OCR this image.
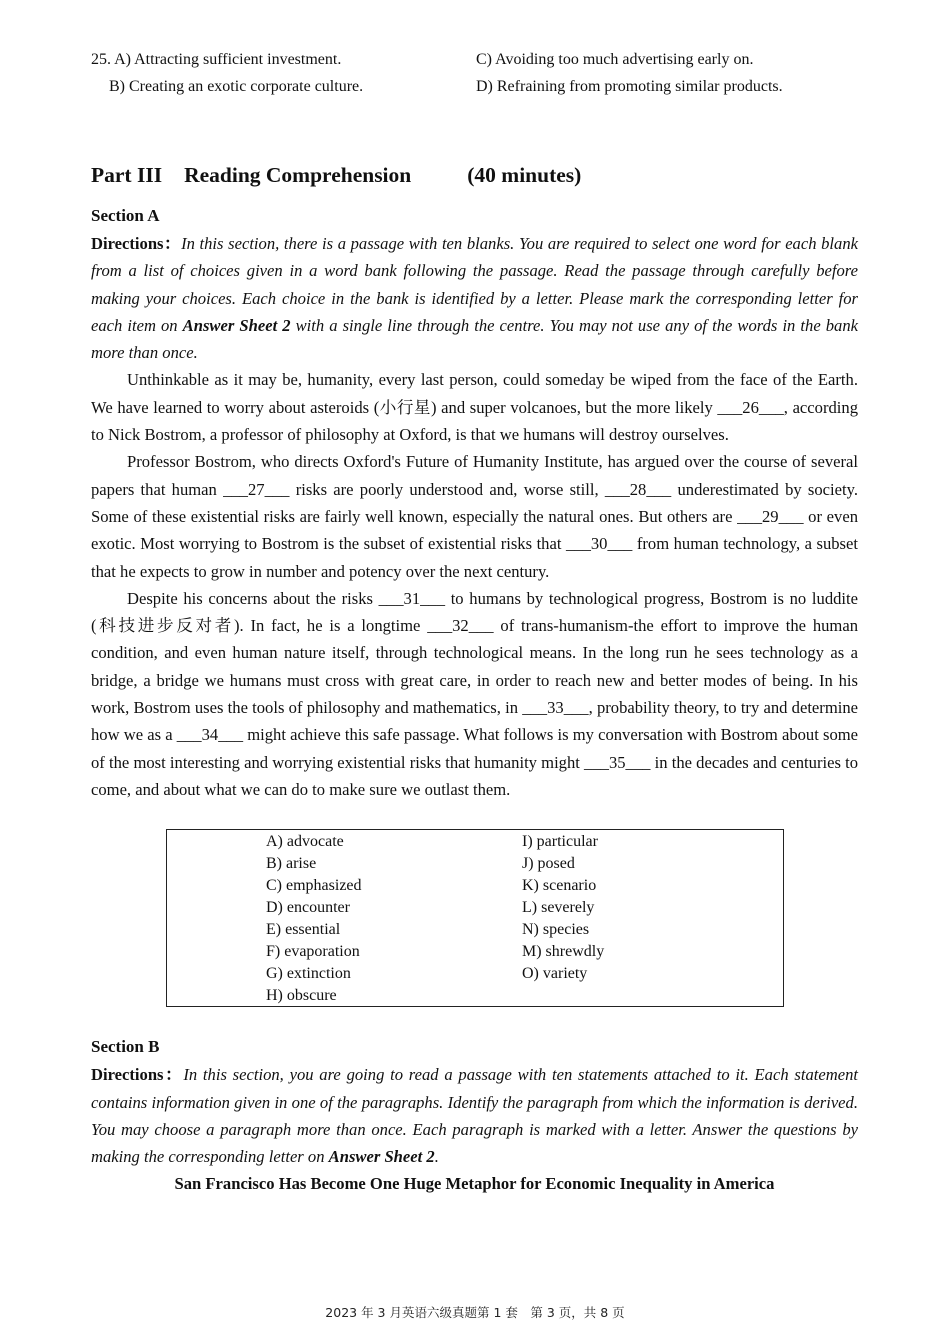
25. A) Attracting sufficient investment.
B) Creating an exotic corporate culture.
C) Avoiding too much advertising early on.
D) Refraining from promoting similar products.
Part III Reading Comprehension	(40 minutes)
Section A

Directions：In this section, there is a passage with ten blanks. You are required to select one word for each blank from a list of choices given in a word bank following the passage. Read the passage through carefully before making your choices. Each choice in the bank is identified by a letter. Please mark the corresponding letter for each item on Answer Sheet 2 with a single line through the centre. You may not use any of the words in the bank more than once.

Unthinkable as it may be, humanity, every last person, could someday be wiped from the face of the Earth. We have learned to worry about asteroids (小行星) and super volcanoes, but the more likely ___26___, according to Nick Bostrom, a professor of philosophy at Oxford, is that we humans will destroy ourselves.

Professor Bostrom, who directs Oxford's Future of Humanity Institute, has argued over the course of several papers that human ___27___ risks are poorly understood and, worse still, ___28___ underestimated by society. Some of these existential risks are fairly well known, especially the natural ones. But others are ___29___ or even exotic. Most worrying to Bostrom is the subset of existential risks that ___30___ from human technology, a subset that he expects to grow in number and potency over the next century.

Despite his concerns about the risks ___31___ to humans by technological progress, Bostrom is no luddite (科技进步反对者). In fact, he is a longtime ___32___ of trans-humanism-the effort to improve the human condition, and even human nature itself, through technological means. In the long run he sees technology as a bridge, a bridge we humans must cross with great care, in order to reach new and better modes of being. In his work, Bostrom uses the tools of philosophy and mathematics, in ___33___, probability theory, to try and determine how we as a ___34___ might achieve this safe passage. What follows is my conversation with Bostrom about some of the most interesting and worrying existential risks that humanity might ___35___ in the decades and centuries to come, and about what we can do to make sure we outlast them.

A) advocate
B) arise
C) emphasized
D) encounter
E) essential
F) evaporation
G) extinction
H) obscure
I) particular
J) posed
K) scenario
L) severely
N) species
M) shrewdly
O) variety
Section B

Directions：In this section, you are going to read a passage with ten statements attached to it. Each statement contains information given in one of the paragraphs. Identify the paragraph from which the information is derived. You may choose a paragraph more than once. Each paragraph is marked with a letter. Answer the questions by making the corresponding letter on Answer Sheet 2.

San Francisco Has Become One Huge Metaphor for Economic Inequality in America
2023 年 3 月英语六级真题第 1 套　第 3 页，共 8 页
